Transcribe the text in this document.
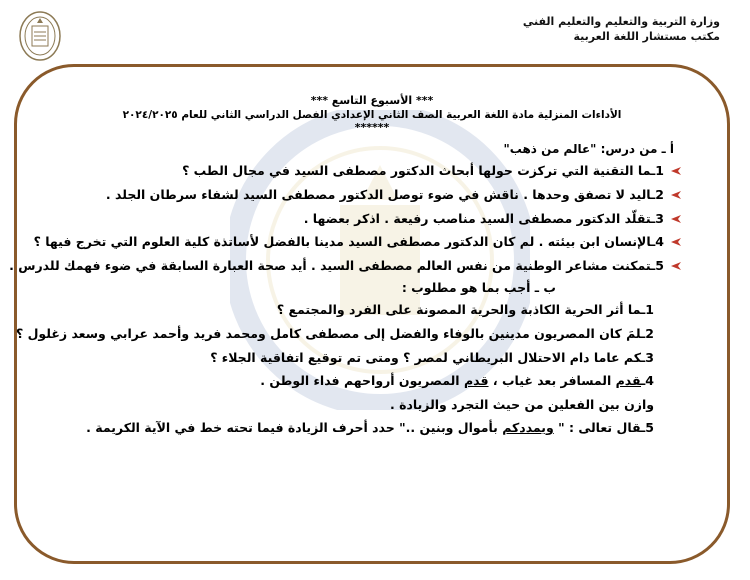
وزارة التربية والتعليم والتعليم الفني
مكتب مستشار اللغة العربية
*** الأسبوع التاسع ***
الأداءات المنزلية مادة اللغة العربية الصف الثاني الإعدادي الفصل الدراسي الثاني للعام ٢٠٢٤/٢٠٢٥
******
أ ـ من درس: "عالم من ذهب"
1ـما التقنية التي تركزت حولها أبحاث الدكتور مصطفى السيد في مجال الطب ؟
2ـاليد لا تصفق وحدها . ناقش في ضوء توصل الدكتور مصطفى السيد لشفاء سرطان الجلد .
3ـتقلّد الدكتور مصطفى السيد مناصب رفيعة . اذكر بعضها .
4ـالإنسان ابن بيئته . لم كان الدكتور مصطفى السيد مدينا بالفضل لأساتذة كلية العلوم التي تخرج فيها ؟
5ـتمكنت مشاعر الوطنية من نفس العالم مصطفى السيد . أيد صحة العبارة السابقة في ضوء فهمك للدرس .
ب ـ أجب بما هو مطلوب :
1ـما أثر الحرية الكاذبة والحرية المصونة على الفرد والمجتمع ؟
2ـلمَ كان المصريون مدينين بالوفاء والفضل إلى مصطفى كامل ومحمد فريد وأحمد عرابي وسعد زغلول ؟
3ـكم عاما دام الاحتلال البريطاني لمصر ؟ ومتى تم توقيع اتفاقية الجلاء ؟
4ـقدم المسافر بعد غياب ، قدم المصريون أرواحهم فداء الوطن .
وازن بين الفعلين من حيث التجرد والزيادة .
5ـقال تعالى : " ويمددكم بأموال وبنين .." حدد أحرف الزيادة فيما تحته خط في الآية الكريمة .
